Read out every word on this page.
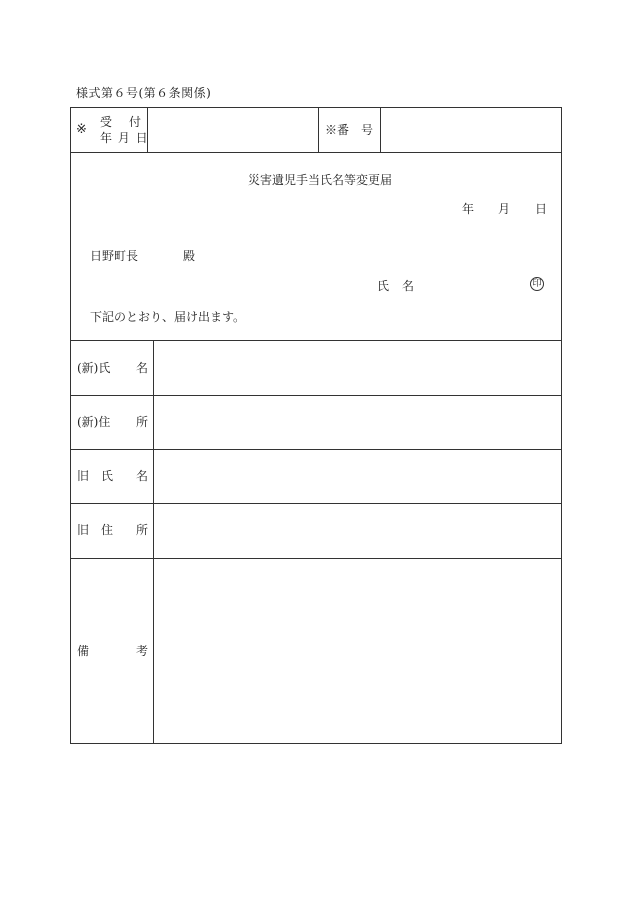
様式第６号(第６条関係)
※ 受 付
年 月 日
※番　号
災害遺児手当氏名等変更届
年 月 日
日野町長	殿
氏 名	印
下記のとおり、届け出ます。
(新)氏 名
(新)住 所
旧　氏 名
旧　住 所
備	考
